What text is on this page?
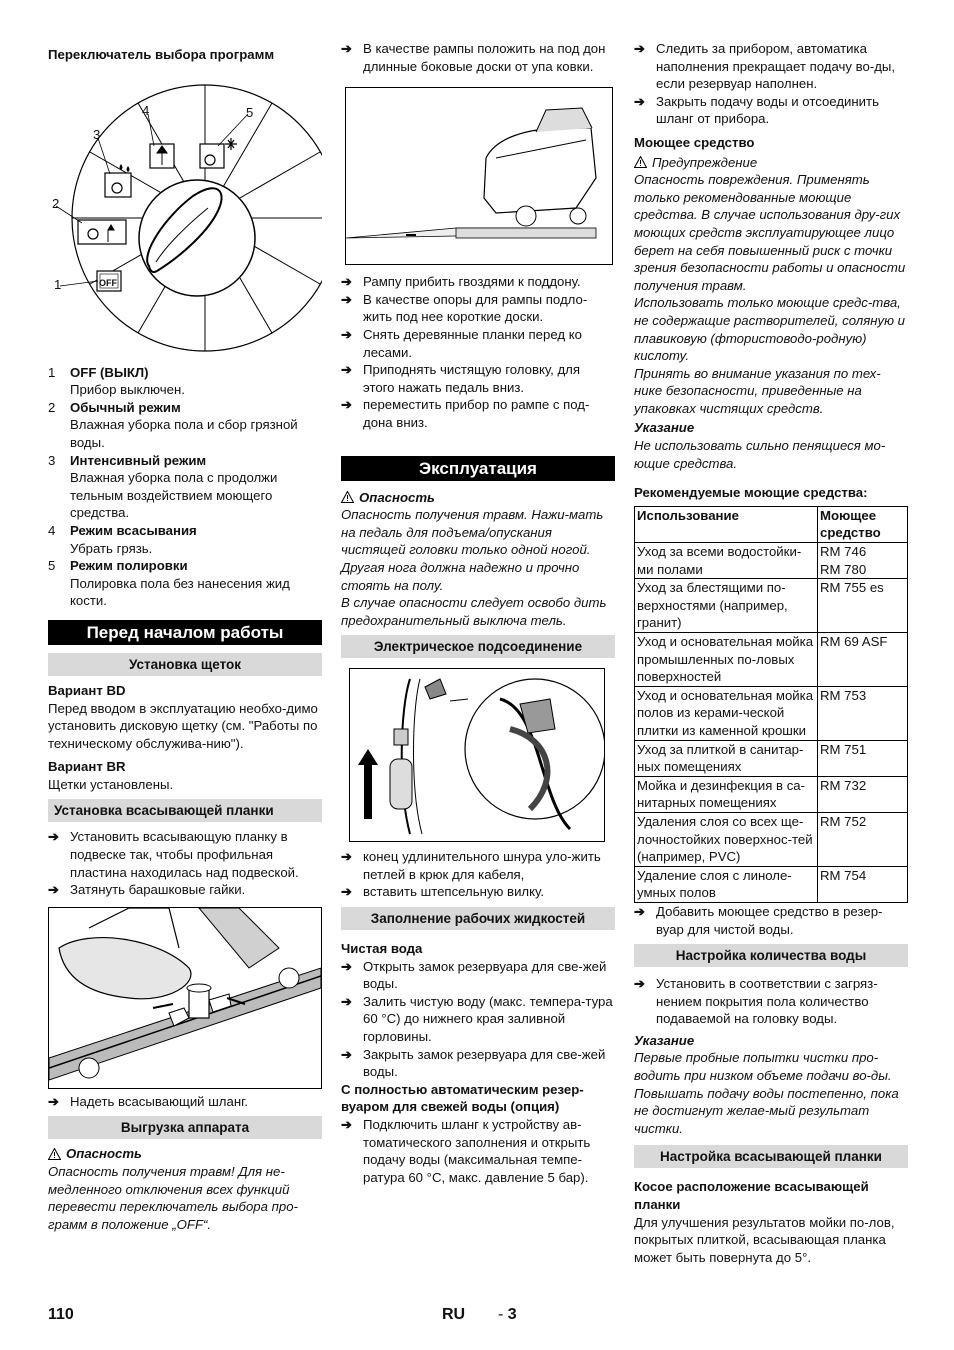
Переключатель выбора программ
OFF
1
2
3
4	5
1	OFF (ВЫКЛ)
Прибор выключен.
2	Обычный режим
Влажная уборка пола и сбор грязной воды.
3	Интенсивный режим
Влажная уборка пола с продолжи тельным воздействием моющего средства.
4	Режим всасывания
Убрать грязь.
5	Режим полировки
Полировка пола без нанесения жид кости.
Перед началом работы
Установка щеток
Вариант BD
Перед вводом в эксплуатацию необхо-димо установить дисковую щетку (см. "Работы по техническому обслужива-нию").
Вариант BR
Щетки установлены.
Установка всасывающей планки
➔ Установить всасывающую планку в подвеске так, чтобы профильная пластина находилась над подвеской.
➔ Затянуть барашковые гайки.
➔ Надеть всасывающий шланг.
Выгрузка аппарата
Опасность
Опасность получения травм! Для не-медленного отключения всех функций перевести переключатель выбора про-грамм в положение „OFF“.
➔ В качестве рампы положить на под дон длинные боковые доски от упа ковки.
➔ Рампу прибить гвоздями к поддону.
➔ В качестве опоры для рампы подло-жить под нее короткие доски.
➔ Снять деревянные планки перед ко лесами.
➔ Приподнять чистящую головку, для этого нажать педаль вниз.
➔ переместить прибор по рампе с под-дона вниз.
Эксплуатация
Опасность
Опасность получения травм. Нажи-мать на педаль для подъема/опускания чистящей головки только одной ногой. Другая нога должна надежно и прочно стоять на полу.
В случае опасности следует освобо дить предохранительный выключа тель.
Электрическое подсоединение
➔ конец удлинительного шнура уло-жить петлей в крюк для кабеля,
➔ вставить штепсельную вилку.
Заполнение рабочих жидкостей
Чистая вода
➔ Открыть замок резервуара для све-жей воды.
➔ Залить чистую воду (макс. темпера-тура 60 °C) до нижнего края заливной горловины.
➔ Закрыть замок резервуара для све-жей воды.
С полностью автоматическим резер-вуаром для свежей воды (опция)
➔ Подключить шланг к устройству ав-томатического заполнения и открыть подачу воды (максимальная темпе-ратура 60 °C, макс. давление 5 бар).
➔ Следить за прибором, автоматика наполнения прекращает подачу во-ды, если резервуар наполнен.
➔ Закрыть подачу воды и отсоединить шланг от прибора.
Моющее средство
Предупреждение
Опасность повреждения. Применять только рекомендованные моющие средства. В случае использования дру-гих моющих средств эксплуатирующее лицо берет на себя повышенный риск с точки зрения безопасности работы и опасности получения травм.
Использовать только моющие средс-тва, не содержащие растворителей, соляную и плавиковую (фтористоводо-родную) кислоту.
Принять во внимание указания по тех-нике безопасности, приведенные на упаковках чистящих средств.
Указание
Не использовать сильно пенящиеся мо-ющие средства.
Рекомендуемые моющие средства:
Использование	Моющее средство
Уход за всеми водостойки-ми полами	RM 746
RM 780
Уход за блестящими по-верхностями (например, гранит)	RM 755 es
Уход и основательная мойка промышленных по-ловых поверхностей	RM 69 ASF
Уход и основательная мойка полов из керами-ческой плитки из каменной крошки	RM 753
Уход за плиткой в санитар-ных помещениях	RM 751
Мойка и дезинфекция в са-нитарных помещениях	RM 732
Удаления слоя со всех ще-лочностойких поверхнос-тей (например, PVC)	RM 752
Удаление слоя с линоле-умных полов	RM 754
➔ Добавить моющее средство в резер-вуар для чистой воды.
Настройка количества воды
➔ Установить в соответствии с загряз-нением покрытия пола количество подаваемой на головку воды.
Указание
Первые пробные попытки чистки про-водить при низком объеме подачи во-ды. Повышать подачу воды постепенно, пока не достигнут желае-мый результат чистки.
Настройка всасывающей планки
Косое расположение всасывающей планки
Для улучшения результатов мойки по-лов, покрытых плиткой, всасывающая планка может быть повернута до 5°.
110	RU - 3
